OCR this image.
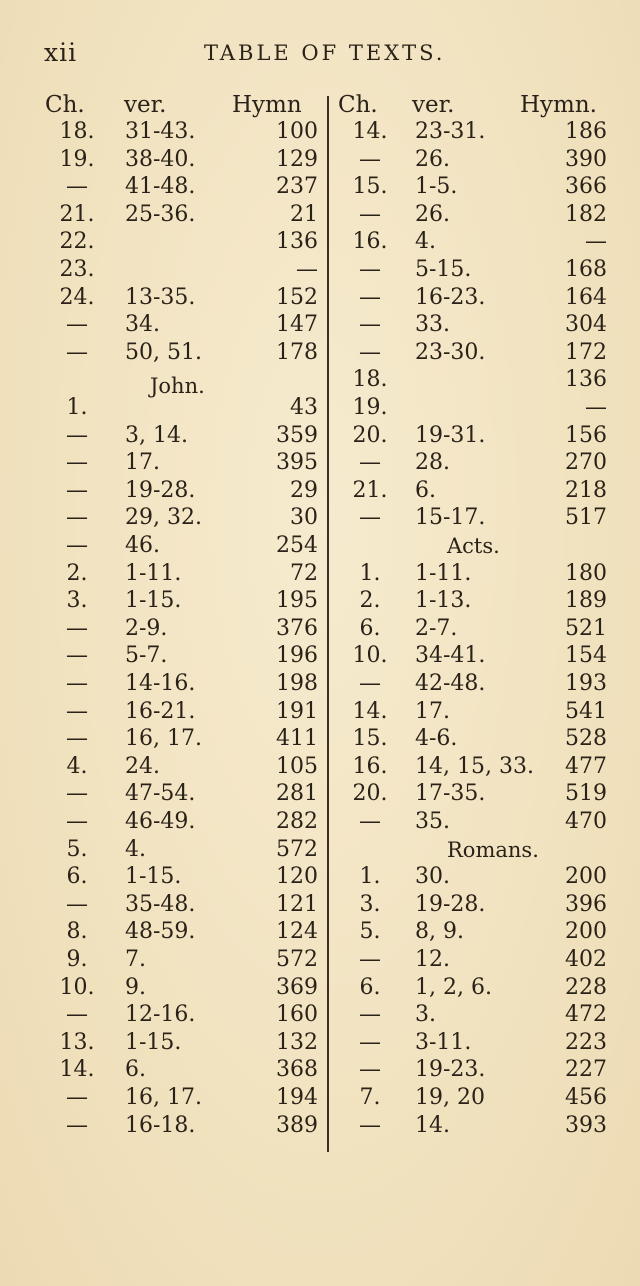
xii	TABLE OF TEXTS.
Ch. ver.	Hymn Ch. ver.	Hymn.
18. 31-43.	100
19. 38-40.	129
—	41-48.	237
21. 25-36.	21
22.	136
23.	—
24. 13-35.	152
—	34.	147
—	50, 51.	178
John.
1.	43
—	3, 14.	359
—	17.	395
—	19-28.	29
—	29, 32.	30
—	46.	254
2.	1-11.	72
3.	1-15.	195
—	2-9.	376
—	5-7.	196
—	14-16.	198
—	16-21.	191
—	16, 17.	411
4.	24.	105
—	47-54.	281
—	46-49.	282
5.	4.	572
6.	1-15.	120
—	35-48.	121
8.	48-59.	124
9.	7.	572
10. 9.	369
—	12-16.	160
13. 1-15.	132
14. 6.	368
—	16, 17.	194
—	16-18.	389
14. 23-31.	186
—	26.	390
15. 1-5.	366
—	26.	182
16. 4.	—
—	5-15.	168
—	16-23.	164
—	33.	304
—	23-30.	172
18.	136
19.	—
20. 19-31.	156
—	28.	270
21. 6.	218
—	15-17.	517
Acts.
1.	1-11.	180
2.	1-13.	189
6.	2-7.	521
10. 34-41.	154
—	42-48.	193
14. 17.	541
15. 4-6.	528
16. 14, 15, 33.	477
20. 17-35.	519
—	35.	470
Romans.
1.	30.	200
3.	19-28.	396
5.	8, 9.	200
—	12.	402
6.	1, 2, 6.	228
—	3.	472
—	3-11.	223
—	19-23.	227
7.	19, 20	456
—	14.	393
